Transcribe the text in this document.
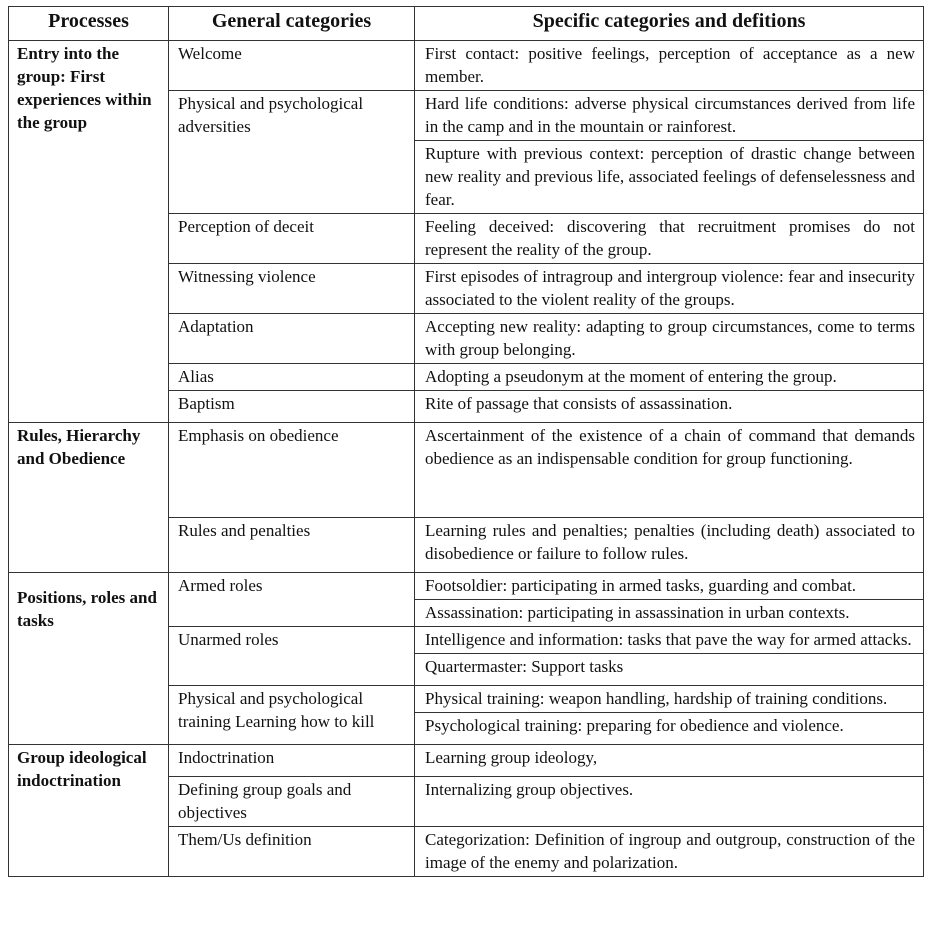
Processes	General categories	Specific categories and defitions
Entry into the group: First experiences within the group	Welcome	First contact: positive feelings, perception of acceptance as a new member.
	Physical and psychological adversities	Hard life conditions: adverse physical circumstances derived from life in the camp and in the mountain or rainforest.
		Rupture with previous context: perception of drastic change between new reality and previous life, associated feelings of defenselessness and fear.
	Perception of deceit	Feeling deceived: discovering that recruitment promises do not represent the reality of the group.
	Witnessing violence	First episodes of intragroup and intergroup violence: fear and insecurity associated to the violent reality of the groups.
	Adaptation	Accepting new reality: adapting to group circumstances, come to terms with group belonging.
	Alias	Adopting a pseudonym at the moment of entering the group.
	Baptism	Rite of passage that consists of assassination.
Rules, Hierarchy and Obedience	Emphasis on obedience	Ascertainment of the existence of a chain of command that demands obedience as an indispensable condition for group functioning.
	Rules and penalties	Learning rules and penalties; penalties (including death) associated to disobedience or failure to follow rules.
Positions, roles and tasks	Armed roles	Footsoldier: participating in armed tasks, guarding and combat.
		Assassination: participating in assassination in urban contexts.
	Unarmed roles	Intelligence and information: tasks that pave the way for armed attacks.
		Quartermaster: Support tasks
	Physical and psychological training Learning how to kill	Physical training: weapon handling, hardship of training conditions.
		Psychological training: preparing for obedience and violence.
Group ideological indoctrination	Indoctrination	Learning group ideology,
	Defining group goals and objectives	Internalizing group objectives.
	Them/Us definition	Categorization: Definition of ingroup and outgroup, construction of the image of the enemy and polarization.
